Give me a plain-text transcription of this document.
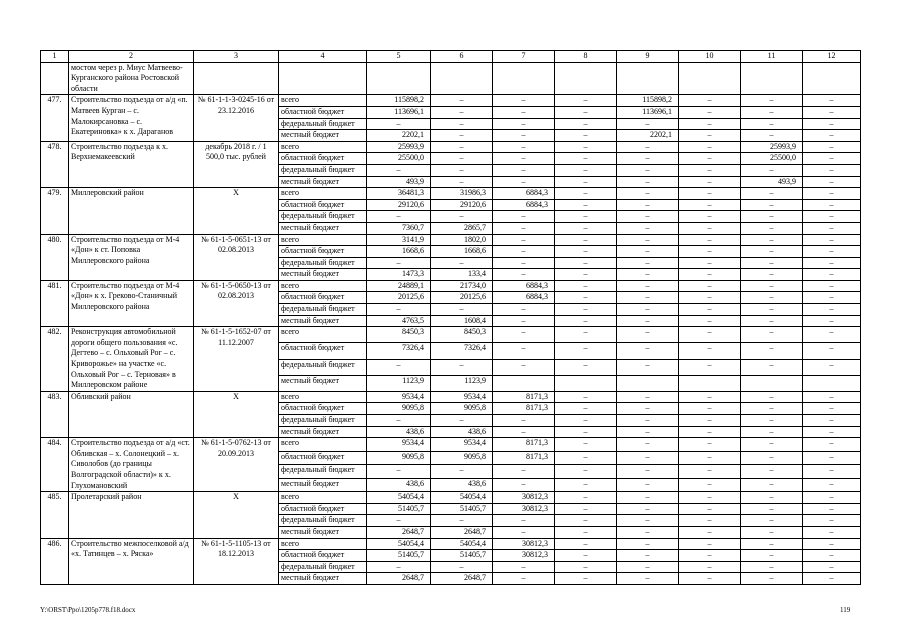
1	2	3	4	5	6	7	8	9	10	11	12
	мостом через р. Миус Матвеево-Курганского района Ростовской области										
477.	Строительство подъезда от а/д «п. Матвеев Курган – с. Малокирсановка – с. Екатериновка» к х. Дараганов	№ 61-1-1-3-0245-16 от 23.12.2016	всего	115898,2	–	–	–	115898,2	–	–	–
			областной бюджет	113696,1	–	–	–	113696,1	–	–	–
			федеральный бюджет	–	–	–	–	–	–	–	–
			местный бюджет	2202,1	–	–	–	2202,1	–	–	–
478.	Строительство подъезда к х. Верхнемакеевский	декабрь 2018 г. / 1 500,0 тыс. рублей	всего	25993,9	–	–	–	–	–	25993,9	–
			областной бюджет	25500,0	–	–	–	–	–	25500,0	–
			федеральный бюджет	–	–	–	–	–	–	–	–
			местный бюджет	493,9	–	–	–	–	–	493,9	–
479.	Миллеровский район	Х	всего	36481,3	31986,3	6884,3	–	–	–	–	–
			областной бюджет	29120,6	29120,6	6884,3	–	–	–	–	–
			федеральный бюджет	–	–	–	–	–	–	–	–
			местный бюджет	7360,7	2865,7	–	–	–	–	–	–
480.	Строительство подъезда от М-4 «Дон» к ст. Поповка Миллеровского района	№ 61-1-5-0651-13 от 02.08.2013	всего	3141,9	1802,0	–	–	–	–	–	–
			областной бюджет	1668,6	1668,6	–	–	–	–	–	–
			федеральный бюджет	–	–	–	–	–	–	–	–
			местный бюджет	1473,3	133,4	–	–	–	–	–	–
481.	Строительство подъезда от М-4 «Дон» к х. Греково-Станичный Миллеровского района	№ 61-1-5-0650-13 от 02.08.2013	всего	24889,1	21734,0	6884,3	–	–	–	–	–
			областной бюджет	20125,6	20125,6	6884,3	–	–	–	–	–
			федеральный бюджет	–	–	–	–	–	–	–	–
			местный бюджет	4763,5	1608,4	–	–	–	–	–	–
482.	Реконструкция автомобильной дороги общего пользования «с. Дегтево – с. Ольховый Рог – с. Криворожье» на участке «с. Ольховый Рог – с. Терновая» в Миллеровском районе	№ 61-1-5-1652-07 от 11.12.2007	всего	8450,3	8450,3	–	–	–	–	–	–
			областной бюджет	7326,4	7326,4	–	–	–	–	–	–
			федеральный бюджет	–	–	–	–	–	–	–	–
			местный бюджет	1123,9	1123,9						
483.	Обливский район	Х	всего	9534,4	9534,4	8171,3	–	–	–	–	–
			областной бюджет	9095,8	9095,8	8171,3	–	–	–	–	–
			федеральный бюджет	–	–	–	–	–	–	–	–
			местный бюджет	438,6	438,6	–	–	–	–	–	–
484.	Строительство подъезда от а/д «ст. Обливская – х. Солонецкий – х. Сиволобов (до границы Волгоградской области)» к х. Глухомановский	№ 61-1-5-0762-13 от 20.09.2013	всего	9534,4	9534,4	8171,3	–	–	–	–	–
			областной бюджет	9095,8	9095,8	8171,3	–	–	–	–	–
			федеральный бюджет	–	–	–	–	–	–	–	–
			местный бюджет	438,6	438,6	–	–	–	–	–	–
485.	Пролетарский район	Х	всего	54054,4	54054,4	30812,3	–	–	–	–	–
			областной бюджет	51405,7	51405,7	30812,3	–	–	–	–	–
			федеральный бюджет	–	–	–	–	–	–	–	–
			местный бюджет	2648,7	2648,7	–	–	–	–	–	–
486.	Строительство межпоселковой а/д «х. Татинцев – х. Ряска»	№ 61-1-5-1105-13 от 18.12.2013	всего	54054,4	54054,4	30812,3	–	–	–	–	–
			областной бюджет	51405,7	51405,7	30812,3	–	–	–	–	–
			федеральный бюджет	–	–	–	–	–	–	–	–
			местный бюджет	2648,7	2648,7	–	–	–	–	–	–
Y:\ORST\Ppo\1205p778.f18.docx	119
